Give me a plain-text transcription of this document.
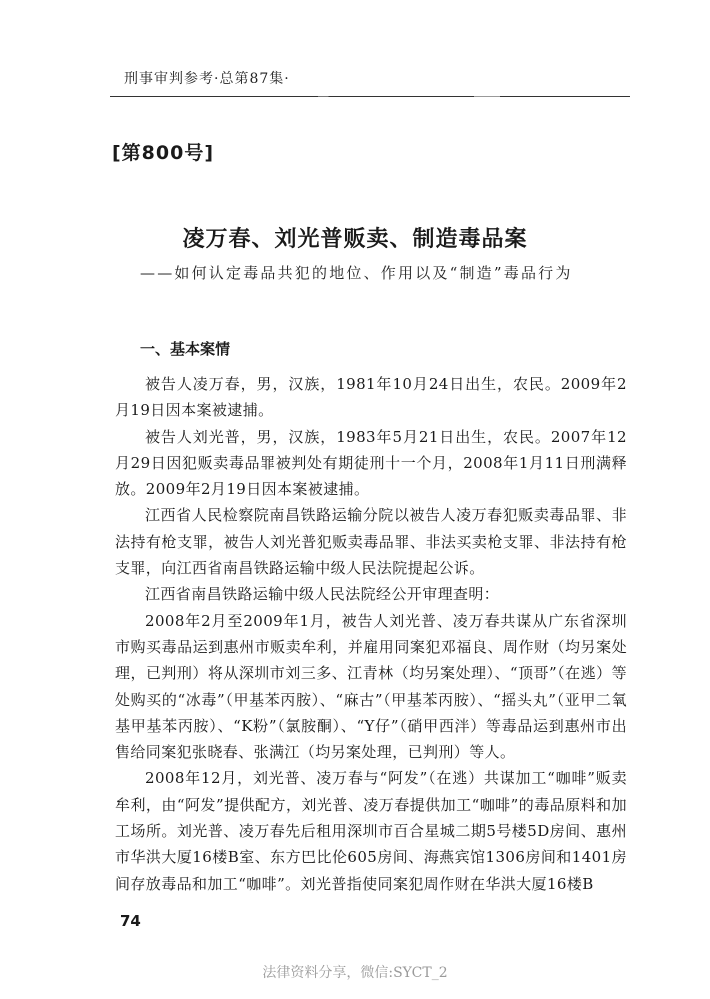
刑事审判参考·总第87集·
[第800号]
凌万春、刘光普贩卖、制造毒品案
——如何认定毒品共犯的地位、作用以及“制造”毒品行为
一、基本案情

被告人凌万春，男，汉族，1981年10月24日出生，农民。2009年2月19日因本案被逮捕。

被告人刘光普，男，汉族，1983年5月21日出生，农民。2007年12月29日因犯贩卖毒品罪被判处有期徒刑十一个月，2008年1月11日刑满释放。2009年2月19日因本案被逮捕。

江西省人民检察院南昌铁路运输分院以被告人凌万春犯贩卖毒品罪、非法持有枪支罪，被告人刘光普犯贩卖毒品罪、非法买卖枪支罪、非法持有枪支罪，向江西省南昌铁路运输中级人民法院提起公诉。

江西省南昌铁路运输中级人民法院经公开审理查明：

2008年2月至2009年1月，被告人刘光普、凌万春共谋从广东省深圳市购买毒品运到惠州市贩卖牟利，并雇用同案犯邓福良、周作财（均另案处理，已判刑）将从深圳市刘三多、江青林（均另案处理）、“顶哥”（在逃）等处购买的“冰毒”（甲基苯丙胺）、“麻古”（甲基苯丙胺）、“摇头丸”（亚甲二氧基甲基苯丙胺）、“K粉”（氯胺酮）、“Y仔”（硝甲西泮）等毒品运到惠州市出售给同案犯张晓春、张满江（均另案处理，已判刑）等人。

2008年12月，刘光普、凌万春与“阿发”（在逃）共谋加工“咖啡”贩卖牟利，由“阿发”提供配方，刘光普、凌万春提供加工“咖啡”的毒品原料和加工场所。刘光普、凌万春先后租用深圳市百合星城二期5号楼5D房间、惠州市华洪大厦16楼B室、东方巴比伦605房间、海燕宾馆1306房间和1401房间存放毒品和加工“咖啡”。刘光普指使同案犯周作财在华洪大厦16楼B

74
法律资料分享，微信:SYCT_2
